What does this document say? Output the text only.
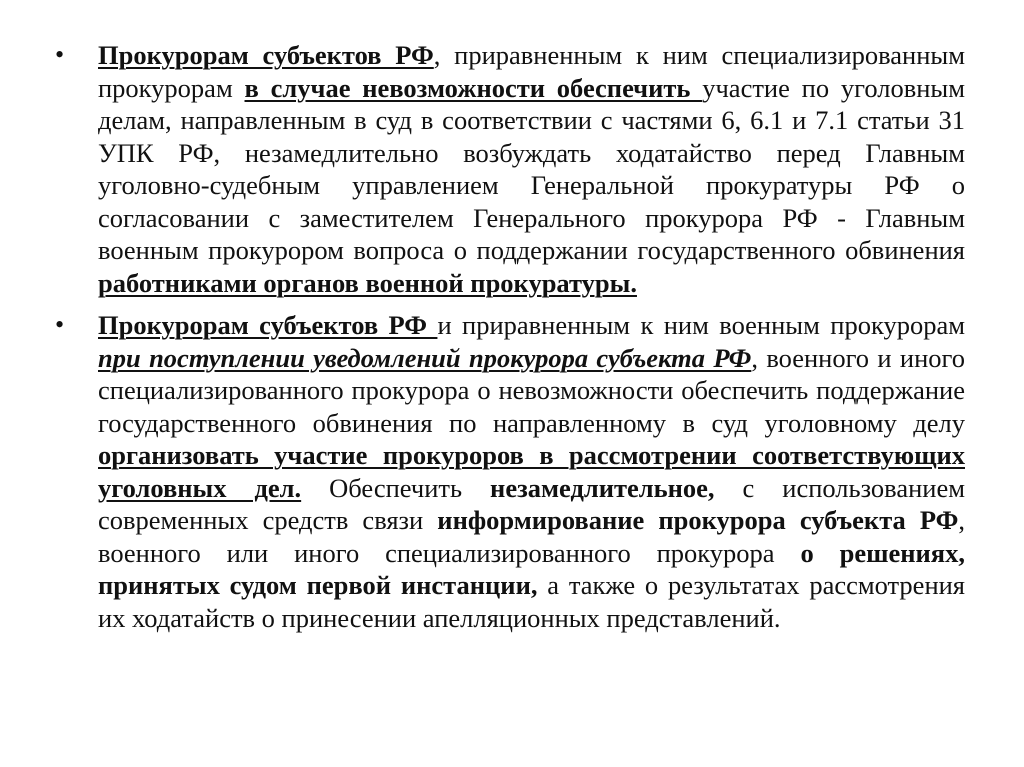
•	Прокурорам субъектов РФ, приравненным к ним специализированным прокурорам в случае невозможности обеспечить участие по уголовным делам, направленным в суд в соответствии с частями 6, 6.1 и 7.1 статьи 31 УПК РФ, незамедлительно возбуждать ходатайство перед Главным уголовно-судебным управлением Генеральной прокуратуры РФ о согласовании с заместителем Генерального прокурора РФ - Главным военным прокурором вопроса о поддержании государственного обвинения работниками органов военной прокуратуры.
•	Прокурорам субъектов РФ и приравненным к ним военным прокурорам при поступлении уведомлений прокурора субъекта РФ, военного и иного специализированного прокурора о невозможности обеспечить поддержание государственного обвинения по направленному в суд уголовному делу организовать участие прокуроров в рассмотрении соответствующих уголовных дел. Обеспечить незамедлительное, с использованием современных средств связи информирование прокурора субъекта РФ, военного или иного специализированного прокурора о решениях, принятых судом первой инстанции, а также о результатах рассмотрения их ходатайств о принесении апелляционных представлений.
